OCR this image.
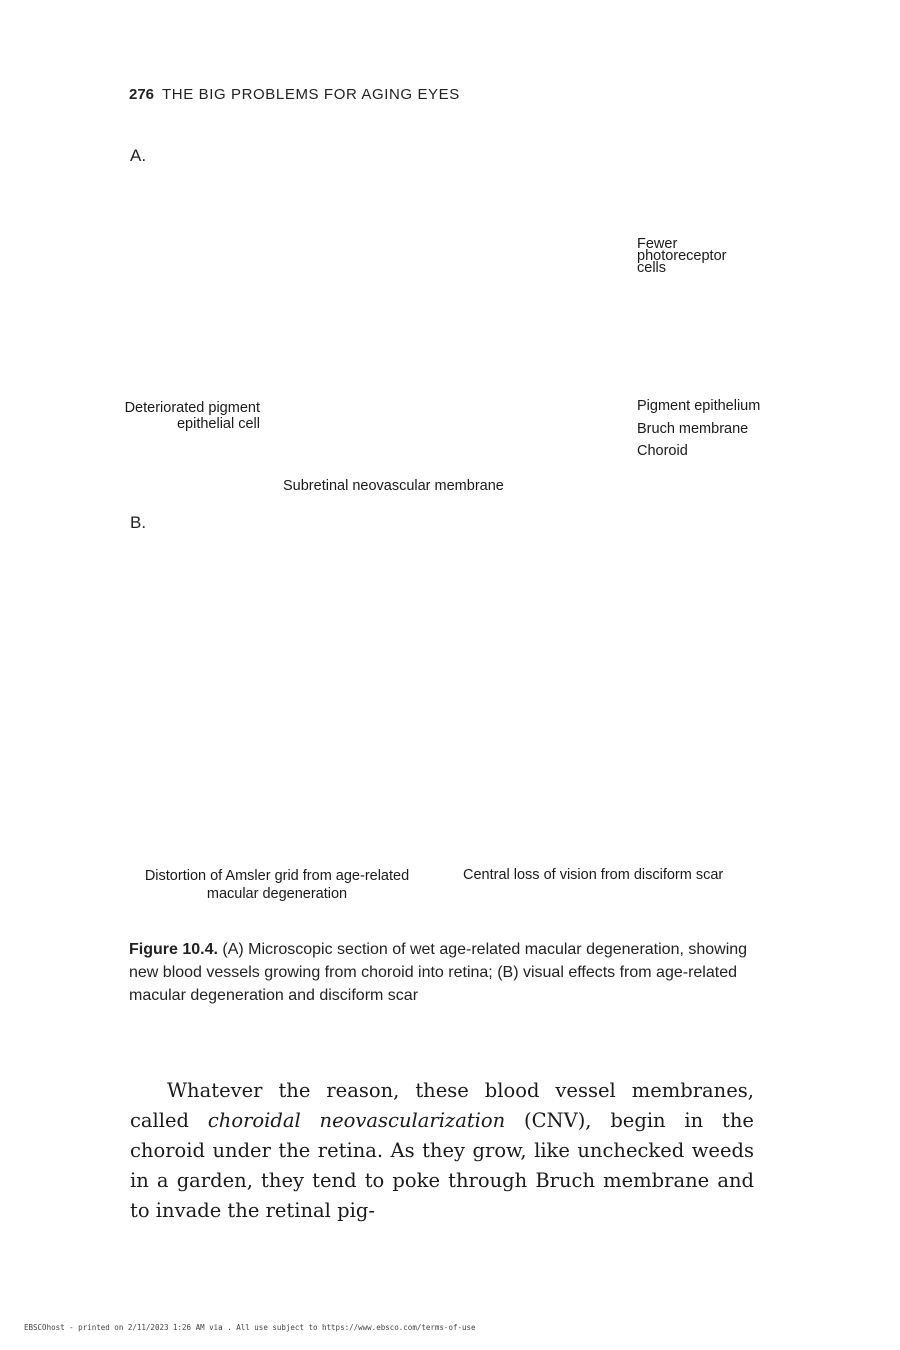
276 THE BIG PROBLEMS FOR AGING EYES
A.
Fewer
photoreceptor
cells
Deteriorated pigment
epithelial cell
Pigment epithelium
Bruch membrane
Choroid
Subretinal neovascular membrane
B.
Distortion of Amsler grid from age-related
macular degeneration
Central loss of vision from disciform scar
Figure 10.4. (A) Microscopic section of wet age-related macular degeneration, showing new blood vessels growing from choroid into retina; (B) visual effects from age-related macular degeneration and disciform scar

Whatever the reason, these blood vessel membranes, called choroidal neovascularization (CNV), begin in the choroid under the retina. As they grow, like unchecked weeds in a garden, they tend to poke through Bruch membrane and to invade the retinal pig-

EBSCOhost - printed on 2/11/2023 1:26 AM via . All use subject to https://www.ebsco.com/terms-of-use
